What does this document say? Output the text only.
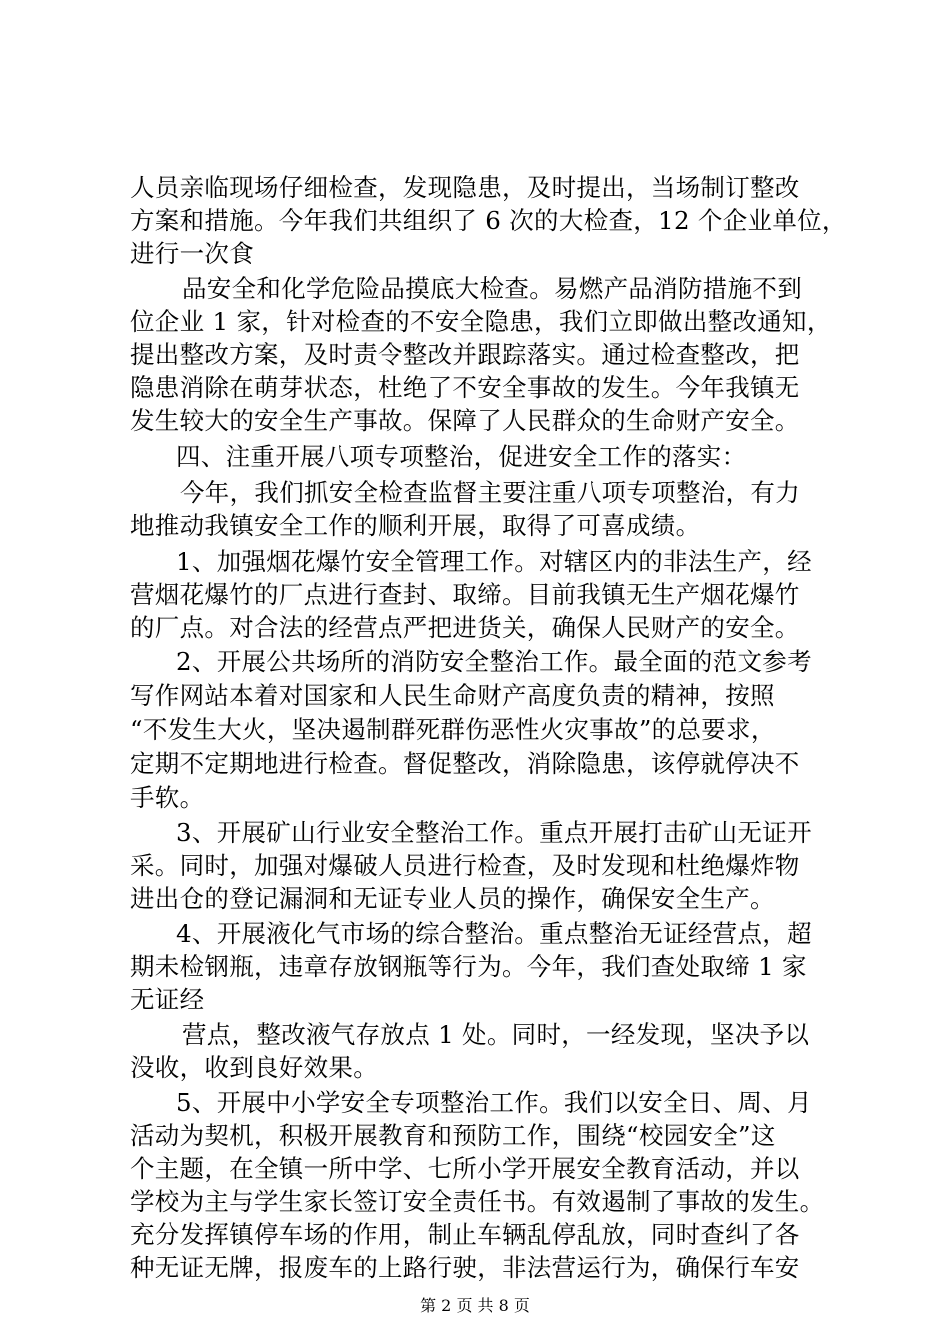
人员亲临现场仔细检查，发现隐患，及时提出，当场制订整改
方案和措施。今年我们共组织了 6 次的大检查，12 个企业单位，
进行一次食
品安全和化学危险品摸底大检查。易燃产品消防措施不到
位企业 1 家，针对检查的不安全隐患，我们立即做出整改通知，
提出整改方案，及时责令整改并跟踪落实。通过检查整改，把
隐患消除在萌芽状态，杜绝了不安全事故的发生。今年我镇无
发生较大的安全生产事故。保障了人民群众的生命财产安全。
四、注重开展八项专项整治，促进安全工作的落实：
今年，我们抓安全检查监督主要注重八项专项整治，有力
地推动我镇安全工作的顺利开展，取得了可喜成绩。
1、加强烟花爆竹安全管理工作。对辖区内的非法生产，经
营烟花爆竹的厂点进行查封、取缔。目前我镇无生产烟花爆竹
的厂点。对合法的经营点严把进货关，确保人民财产的安全。
2、开展公共场所的消防安全整治工作。最全面的范文参考
写作网站本着对国家和人民生命财产高度负责的精神，按照
“不发生大火，坚决遏制群死群伤恶性火灾事故”的总要求，
定期不定期地进行检查。督促整改，消除隐患，该停就停决不
手软。
3、开展矿山行业安全整治工作。重点开展打击矿山无证开
采。同时，加强对爆破人员进行检查，及时发现和杜绝爆炸物
进出仓的登记漏洞和无证专业人员的操作，确保安全生产。
4、开展液化气市场的综合整治。重点整治无证经营点，超
期未检钢瓶，违章存放钢瓶等行为。今年，我们查处取缔 1 家
无证经
营点，整改液气存放点 1 处。同时，一经发现，坚决予以
没收，收到良好效果。
5、开展中小学安全专项整治工作。我们以安全日、周、月
活动为契机，积极开展教育和预防工作，围绕“校园安全”这
个主题，在全镇一所中学、七所小学开展安全教育活动，并以
学校为主与学生家长签订安全责任书。有效遏制了事故的发生。
充分发挥镇停车场的作用，制止车辆乱停乱放，同时查纠了各
种无证无牌，报废车的上路行驶，非法营运行为，确保行车安
第 2 页 共 8 页
